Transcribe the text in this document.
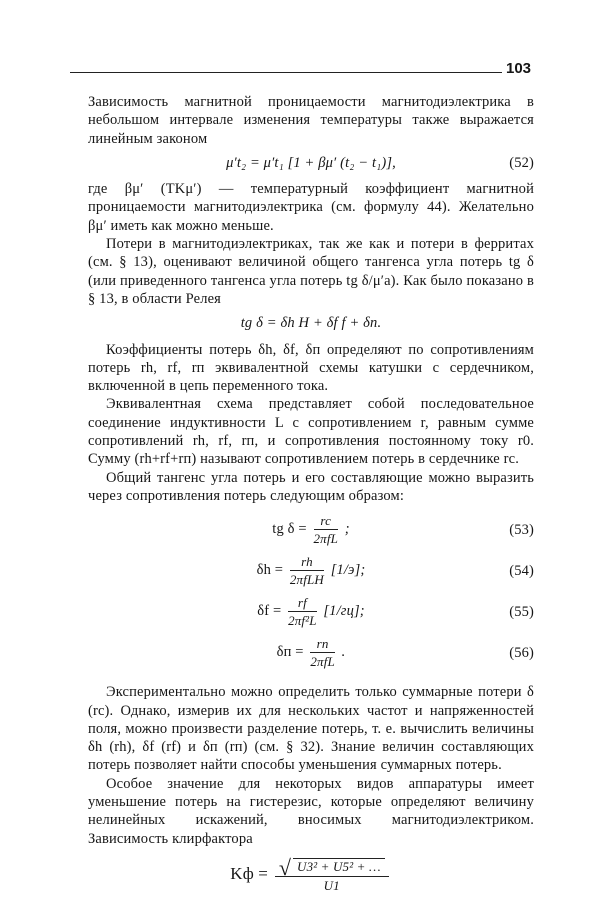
103

Зависимость магнитной проницаемости магнитодиэлектрика в небольшом интервале изменения температуры также выражается линейным законом

μ′t₂ = μ′t₁ [1 + βμ′ (t₂ − t₁)],	(52)

где βμ′ (TKμ′) — температурный коэффициент магнитной проницаемости магнитодиэлектрика (см. формулу 44). Желательно βμ′ иметь как можно меньше.

Потери в магнитодиэлектриках, так же как и потери в ферритах (см. § 13), оценивают величиной общего тангенса угла потерь tg δ (или приведенного тангенса угла потерь tg δ/μ′а). Как было показано в § 13, в области Релея

tg δ = δh H + δf f + δп.

Коэффициенты потерь δh, δf, δп определяют по сопротивлениям потерь rh, rf, rп эквивалентной схемы катушки с сердечником, включенной в цепь переменного тока.

Эквивалентная схема представляет собой последовательное соединение индуктивности L с сопротивлением r, равным сумме сопротивлений rh, rf, rп, и сопротивления постоянному току r0. Сумму (rh+rf+rп) называют сопротивлением потерь в сердечнике rc.

Общий тангенс угла потерь и его составляющие можно выразить через сопротивления потерь следующим образом:

tg $\delta = \frac{rc}{\text{2πfL}}$ ;	(53)
$\delta h = \frac{rh}{\text{2πfLH}} [1/э]$;	(54)
$\delta f = \frac{rf}{\text{2πf²L}} [1/гц]$;	(55)
$\delta п = \frac{rп}{\text{2πfL}}$ .	(56)

Экспериментально можно определить только суммарные потери δ (rc). Однако, измерив их для нескольких частот и напряженностей поля, можно произвести разделение потерь, т. е. вычислить величины δh (rh), δf (rf) и δп (rп) (см. § 32). Знание величин составляющих потерь позволяет найти способы уменьшения суммарных потерь.

Особое значение для некоторых видов аппаратуры имеет уменьшение потерь на гистерезис, которые определяют величину нелинейных искажений, вносимых магнитодиэлектриком. Зависимость клирфактора

Kф = $\frac{\text{√ U3² + U5² + …}}{U1}$
